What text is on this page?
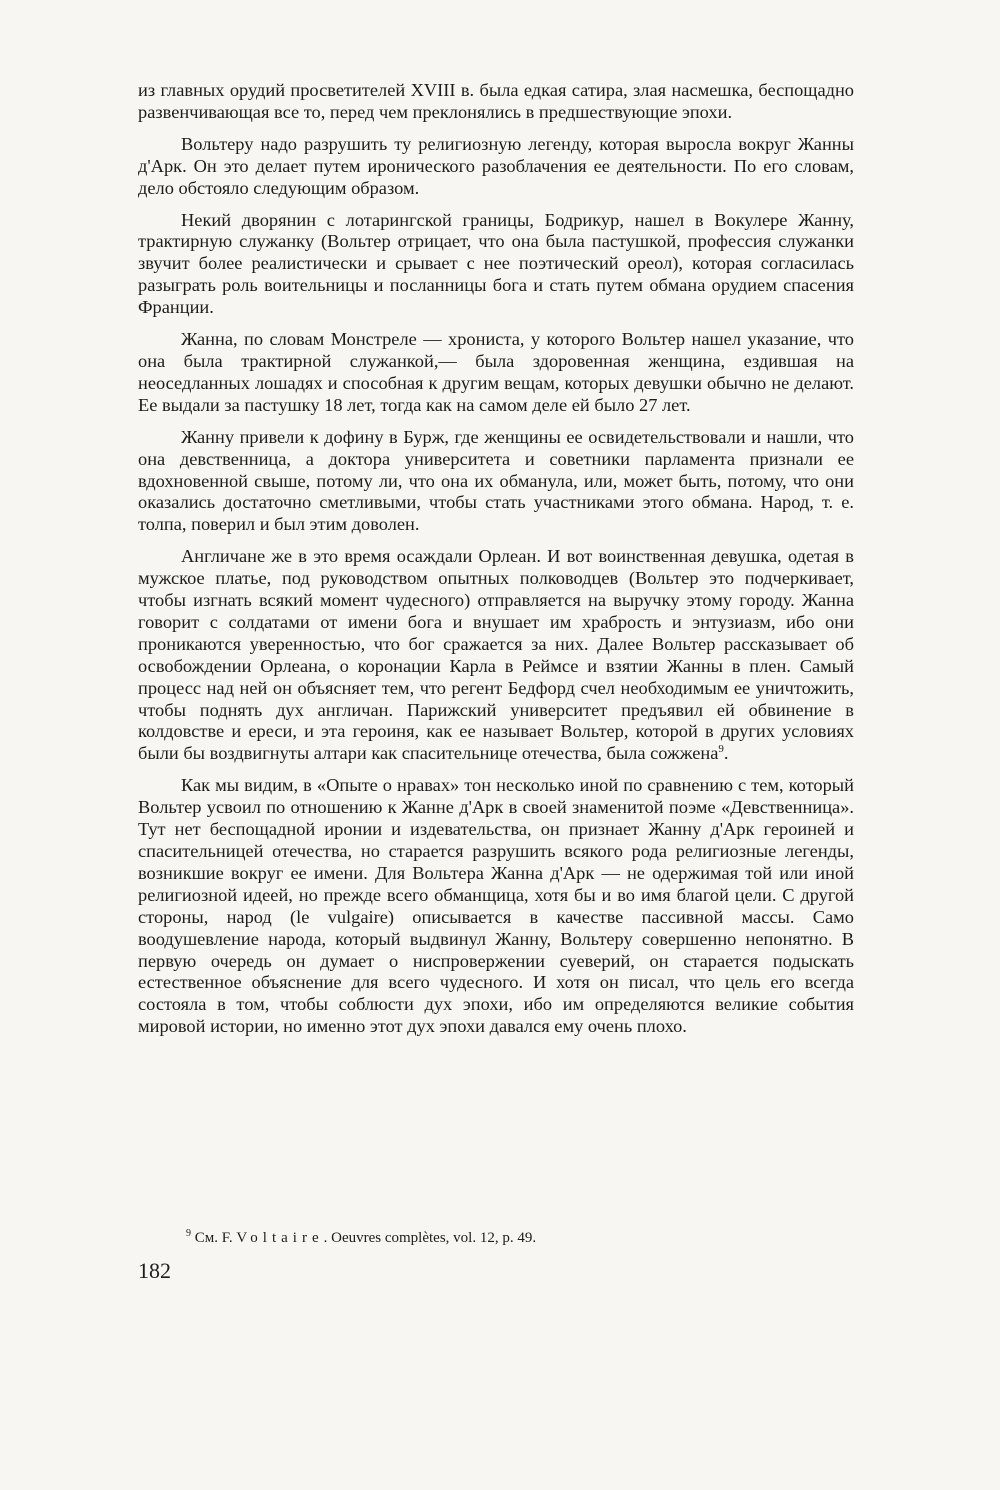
из главных орудий просветителей XVIII в. была едкая сатира, злая насмешка, беспощадно развенчивающая все то, перед чем преклонялись в предшествующие эпохи.

Вольтеру надо разрушить ту религиозную легенду, которая выросла вокруг Жанны д'Арк. Он это делает путем иронического разоблачения ее деятельности. По его словам, дело обстояло следующим образом.

Некий дворянин с лотарингской границы, Бодрикур, нашел в Вокулере Жанну, трактирную служанку (Вольтер отрицает, что она была пастушкой, профессия служанки звучит более реалистически и срывает с нее поэтический ореол), которая согласилась разыграть роль воительницы и посланницы бога и стать путем обмана орудием спасения Франции.

Жанна, по словам Монстреле — хрониста, у которого Вольтер нашел указание, что она была трактирной служанкой,— была здоровенная женщина, ездившая на неоседланных лошадях и способная к другим вещам, которых девушки обычно не делают. Ее выдали за пастушку 18 лет, тогда как на самом деле ей было 27 лет.

Жанну привели к дофину в Бурж, где женщины ее освидетельствовали и нашли, что она девственница, а доктора университета и советники парламента признали ее вдохновенной свыше, потому ли, что она их обманула, или, может быть, потому, что они оказались достаточно сметливыми, чтобы стать участниками этого обмана. Народ, т. е. толпа, поверил и был этим доволен.

Англичане же в это время осаждали Орлеан. И вот воинственная девушка, одетая в мужское платье, под руководством опытных полководцев (Вольтер это подчеркивает, чтобы изгнать всякий момент чудесного) отправляется на выручку этому городу. Жанна говорит с солдатами от имени бога и внушает им храбрость и энтузиазм, ибо они проникаются уверенностью, что бог сражается за них. Далее Вольтер рассказывает об освобождении Орлеана, о коронации Карла в Реймсе и взятии Жанны в плен. Самый процесс над ней он объясняет тем, что регент Бедфорд счел необходимым ее уничтожить, чтобы поднять дух англичан. Парижский университет предъявил ей обвинение в колдовстве и ереси, и эта героиня, как ее называет Вольтер, которой в других условиях были бы воздвигнуты алтари как спасительнице отечества, была сожжена$^9$.

Как мы видим, в «Опыте о нравах» тон несколько иной по сравнению с тем, который Вольтер усвоил по отношению к Жанне д'Арк в своей знаменитой поэме «Девственница». Тут нет беспощадной иронии и издевательства, он признает Жанну д'Арк героиней и спасительницей отечества, но старается разрушить всякого рода религиозные легенды, возникшие вокруг ее имени. Для Вольтера Жанна д'Арк — не одержимая той или иной религиозной идеей, но прежде всего обманщица, хотя бы и во имя благой цели. С другой стороны, народ (le vulgaire) описывается в качестве пассивной массы. Само воодушевление народа, который выдвинул Жанну, Вольтеру совершенно непонятно. В первую очередь он думает о ниспровержении суеверий, он старается подыскать естественное объяснение для всего чудесного. И хотя он писал, что цель его всегда состояла в том, чтобы соблюсти дух эпохи, ибо им определяются великие события мировой истории, но именно этот дух эпохи давался ему очень плохо.

$^9$ См. F. Voltaire. Oeuvres complètes, vol. 12, p. 49.

182
